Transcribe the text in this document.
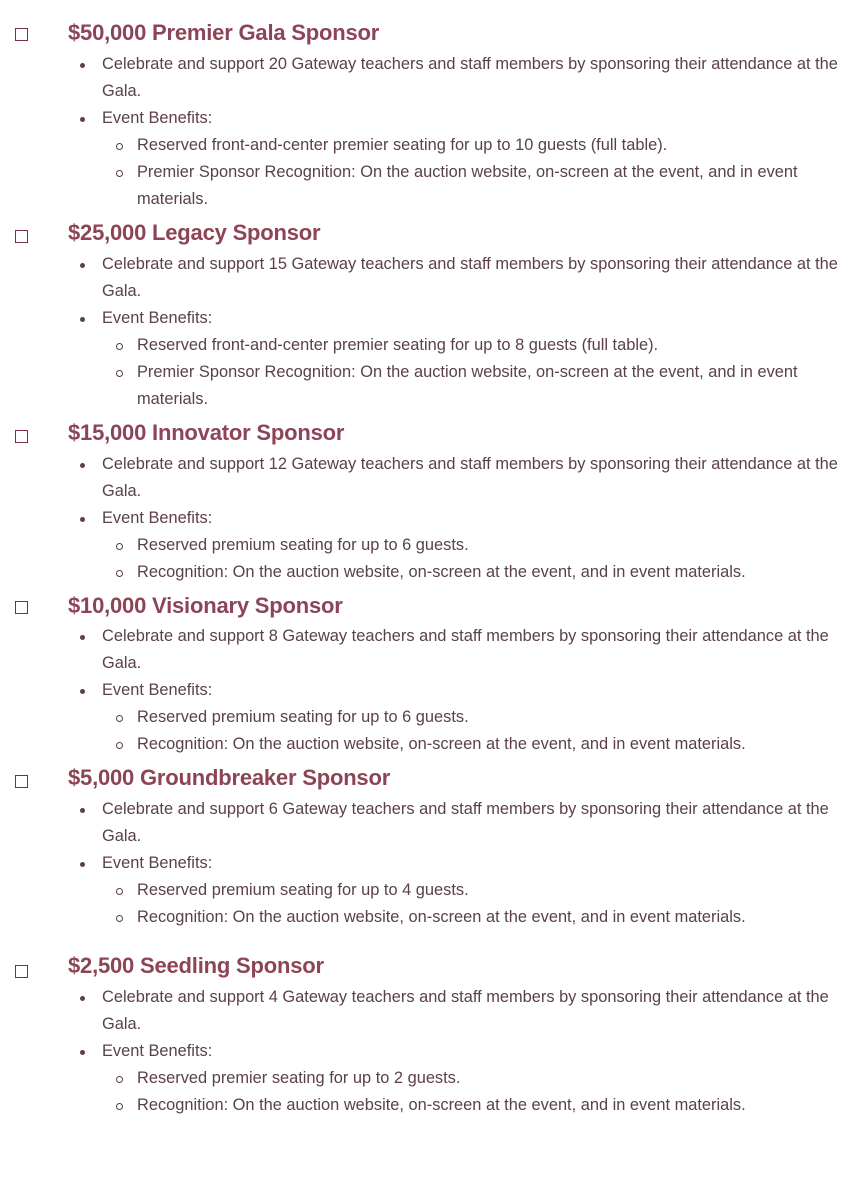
$50,000 Premier Gala Sponsor
Celebrate and support 20 Gateway teachers and staff members by sponsoring their attendance at the Gala.
Event Benefits:
Reserved front-and-center premier seating for up to 10 guests (full table).
Premier Sponsor Recognition: On the auction website, on-screen at the event, and in event materials.
$25,000 Legacy Sponsor
Celebrate and support 15 Gateway teachers and staff members by sponsoring their attendance at the Gala.
Event Benefits:
Reserved front-and-center premier seating for up to 8 guests (full table).
Premier Sponsor Recognition: On the auction website, on-screen at the event, and in event materials.
$15,000 Innovator Sponsor
Celebrate and support 12 Gateway teachers and staff members by sponsoring their attendance at the Gala.
Event Benefits:
Reserved premium seating for up to 6 guests.
Recognition: On the auction website, on-screen at the event, and in event materials.
$10,000 Visionary Sponsor
Celebrate and support 8 Gateway teachers and staff members by sponsoring their attendance at the Gala.
Event Benefits:
Reserved premium seating for up to 6 guests.
Recognition: On the auction website, on-screen at the event, and in event materials.
$5,000 Groundbreaker Sponsor
Celebrate and support 6 Gateway teachers and staff members by sponsoring their attendance at the Gala.
Event Benefits:
Reserved premium seating for up to 4 guests.
Recognition: On the auction website, on-screen at the event, and in event materials.
$2,500 Seedling Sponsor
Celebrate and support 4 Gateway teachers and staff members by sponsoring their attendance at the Gala.
Event Benefits:
Reserved premier seating for up to 2 guests.
Recognition: On the auction website, on-screen at the event, and in event materials.
